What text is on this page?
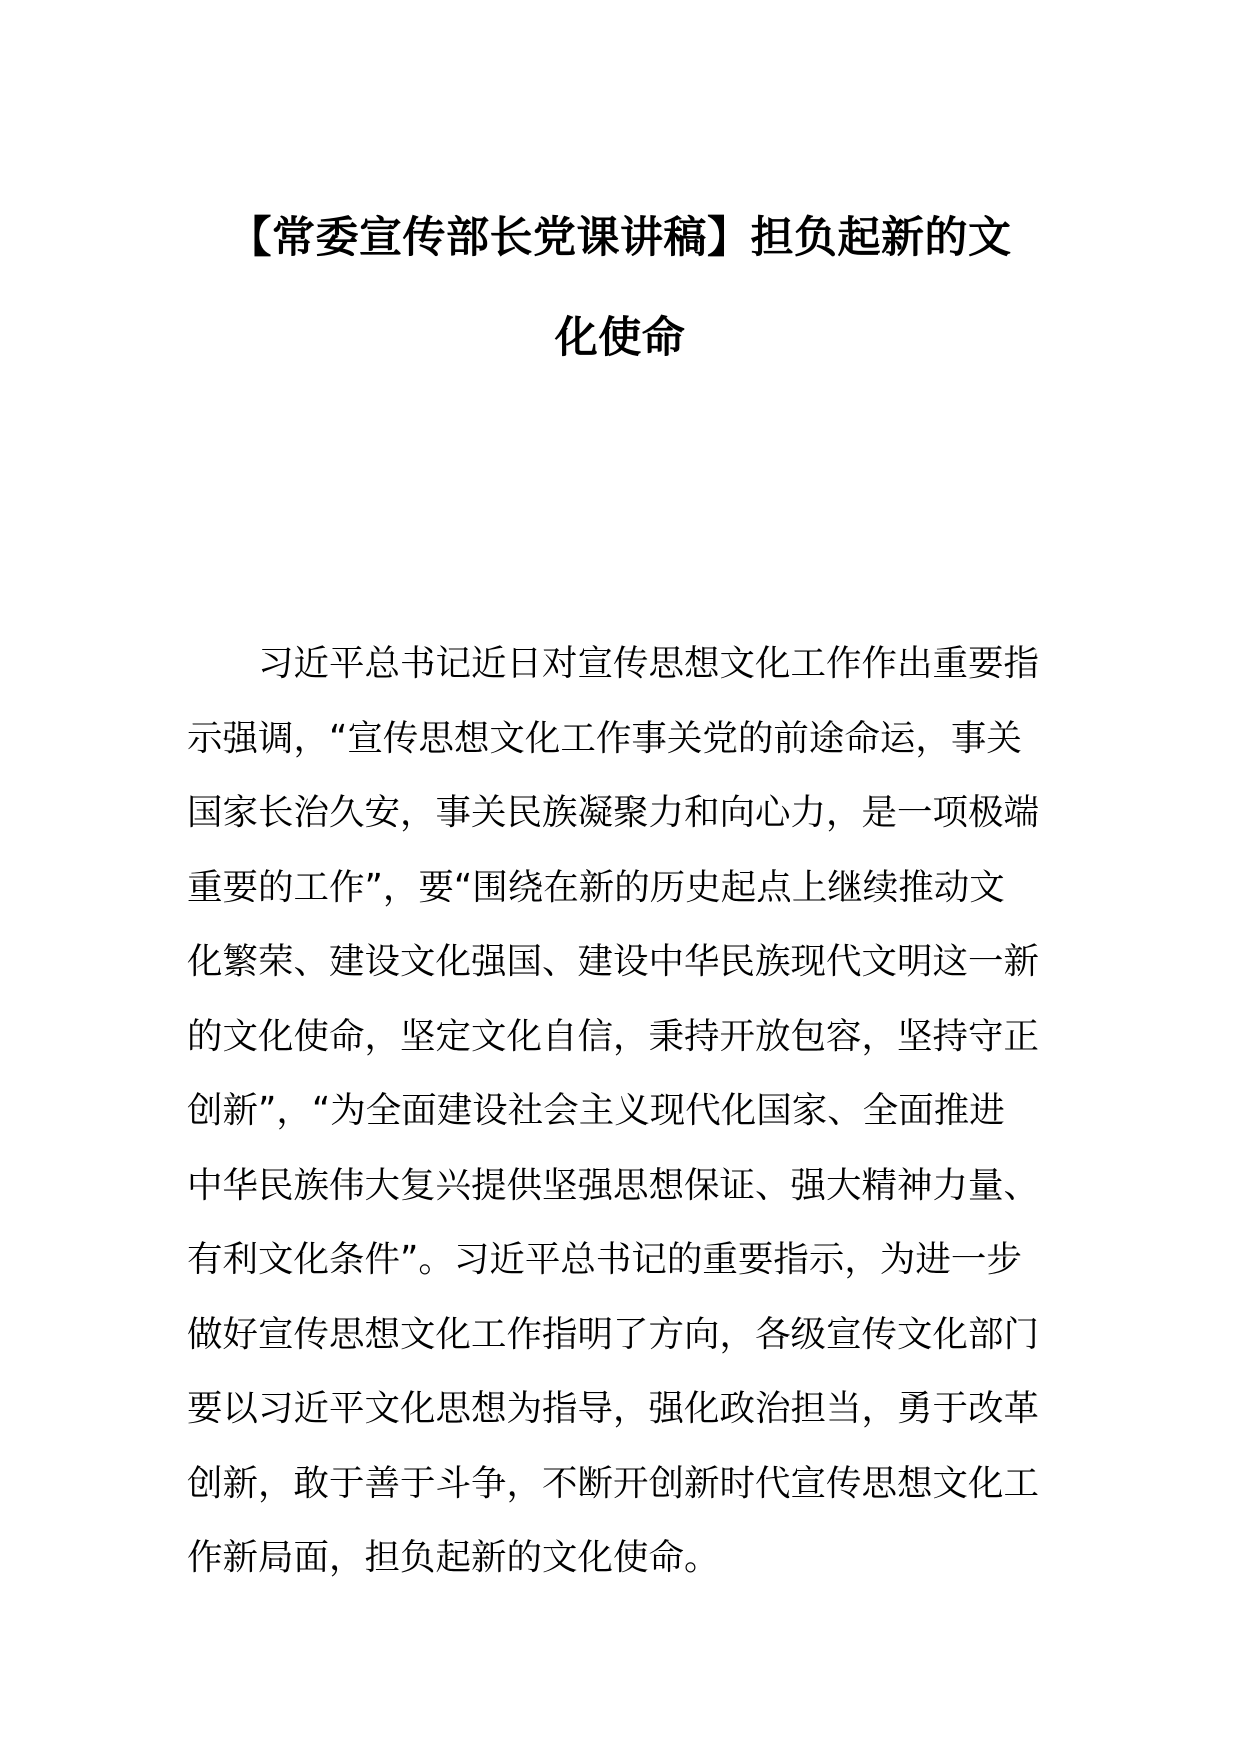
【常委宣传部长党课讲稿】担负起新的文
化使命
　　习近平总书记近日对宣传思想文化工作作出重要指
示强调，“宣传思想文化工作事关党的前途命运，事关
国家长治久安，事关民族凝聚力和向心力，是一项极端
重要的工作”，要“围绕在新的历史起点上继续推动文
化繁荣、建设文化强国、建设中华民族现代文明这一新
的文化使命，坚定文化自信，秉持开放包容，坚持守正
创新”，“为全面建设社会主义现代化国家、全面推进
中华民族伟大复兴提供坚强思想保证、强大精神力量、
有利文化条件”。习近平总书记的重要指示，为进一步
做好宣传思想文化工作指明了方向，各级宣传文化部门
要以习近平文化思想为指导，强化政治担当，勇于改革
创新，敢于善于斗争，不断开创新时代宣传思想文化工
作新局面，担负起新的文化使命。
